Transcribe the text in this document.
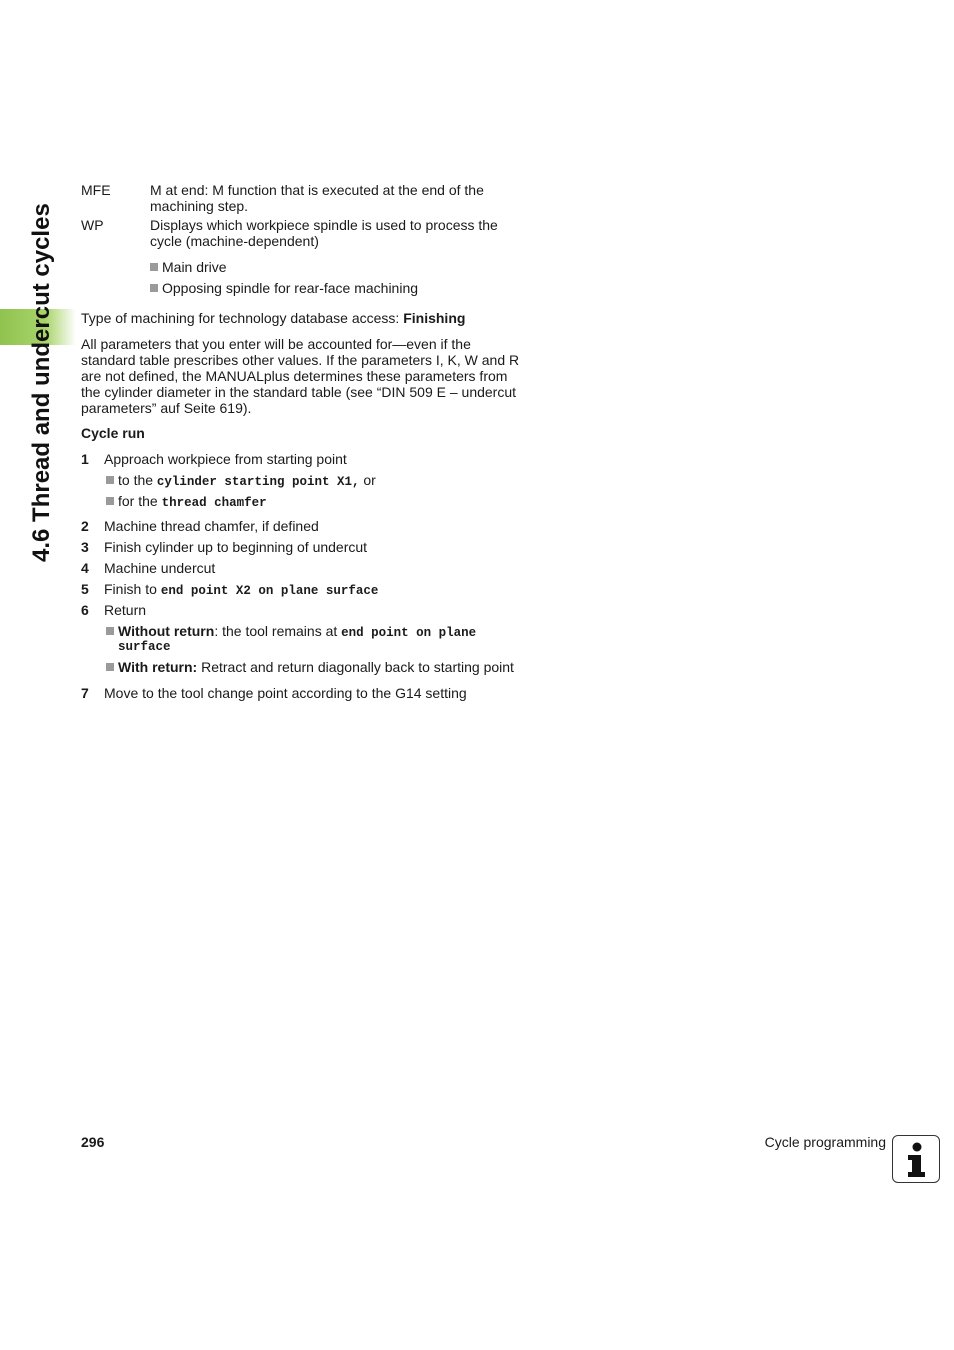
4.6 Thread and undercut cycles
MFE	M at end: M function that is executed at the end of the machining step.
WP	Displays which workpiece spindle is used to process the cycle (machine-dependent)
Main drive
Opposing spindle for rear-face machining
Type of machining for technology database access: Finishing
All parameters that you enter will be accounted for—even if the standard table prescribes other values. If the parameters I, K, W and R are not defined, the MANUALplus determines these parameters from the cylinder diameter in the standard table (see “DIN 509 E – undercut parameters” auf Seite 619).
Cycle run
1	Approach workpiece from starting point
to the cylinder starting point X1, or
for the thread chamfer
2	Machine thread chamfer, if defined
3	Finish cylinder up to beginning of undercut
4	Machine undercut
5	Finish to end point X2 on plane surface
6	Return
Without return: the tool remains at end point on plane
surface
With return: Retract and return diagonally back to starting point
7	Move to the tool change point according to the G14 setting
296	Cycle programming
